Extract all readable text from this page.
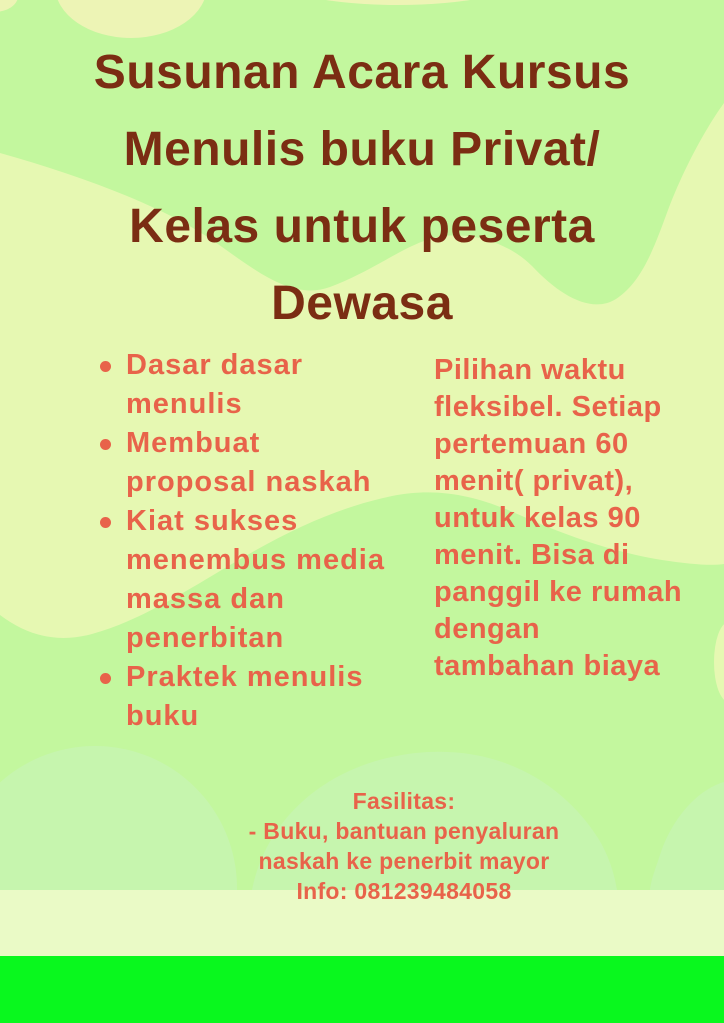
Susunan Acara Kursus
Menulis buku Privat/
Kelas untuk peserta
Dewasa
Dasar dasar
menulis
Membuat
proposal naskah
Kiat sukses
menembus media
massa dan
penerbitan
Praktek menulis
buku
Pilihan waktu
fleksibel. Setiap
pertemuan 60
menit( privat),
untuk kelas 90
menit. Bisa di
panggil ke rumah
dengan
tambahan biaya
Fasilitas:
- Buku, bantuan penyaluran
naskah ke penerbit mayor
Info: 081239484058
